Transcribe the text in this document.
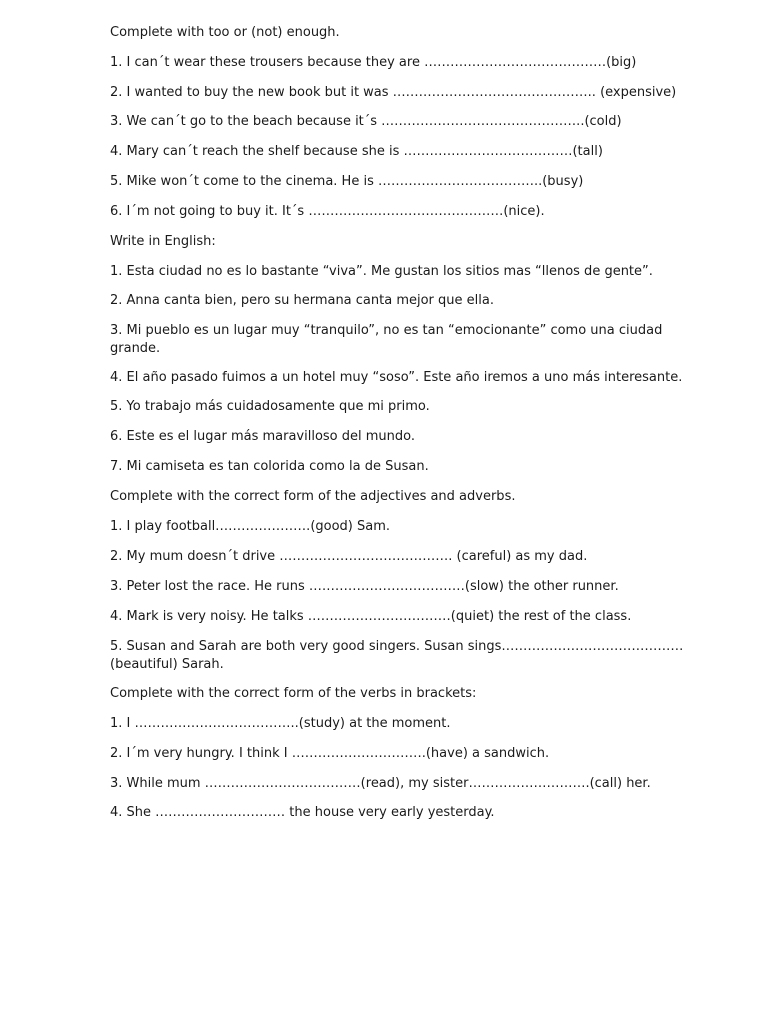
Complete with too or (not) enough.
1. I can´t wear these trousers because they are ……………………………………(big)
2. I wanted to buy the new book but it was ……………………………………….. (expensive)
3. We can´t go to the beach because it´s ………………………………………..(cold)
4. Mary can´t reach the shelf because she is …………………………………(tall)
5. Mike won´t come to the cinema. He is ………………………………..(busy)
6. I´m not going to buy it. It´s ………………………………………(nice).
Write in English:
1. Esta ciudad no es lo bastante “viva”. Me gustan los sitios mas “llenos de gente”.
2. Anna canta bien, pero su hermana canta mejor que ella.
3. Mi pueblo es un lugar muy “tranquilo”, no es tan “emocionante” como una ciudad grande.
4. El año pasado fuimos a un hotel muy “soso”. Este año iremos a uno más interesante.
5. Yo trabajo más cuidadosamente que mi primo.
6. Este es el lugar más maravilloso del mundo.
7. Mi camiseta es tan colorida como la de Susan.
Complete with the correct form of the adjectives and adverbs.
1. I play football………………….(good) Sam.
2. My mum doesn´t drive …………………………………. (careful) as my dad.
3. Peter lost the race. He runs ………………………………(slow) the other runner.
4. Mark is very noisy. He talks ……………………………(quiet) the rest of the class.
5. Susan and Sarah are both very good singers. Susan sings……………………………………(beautiful) Sarah.
Complete with the correct form of the verbs in brackets:
1. I ………………………………..(study) at the moment.
2. I´m very hungry. I think I ………………………….(have) a sandwich.
3. While mum ………………………………(read), my sister……………………….(call) her.
4. She ………………………… the house very early yesterday.
